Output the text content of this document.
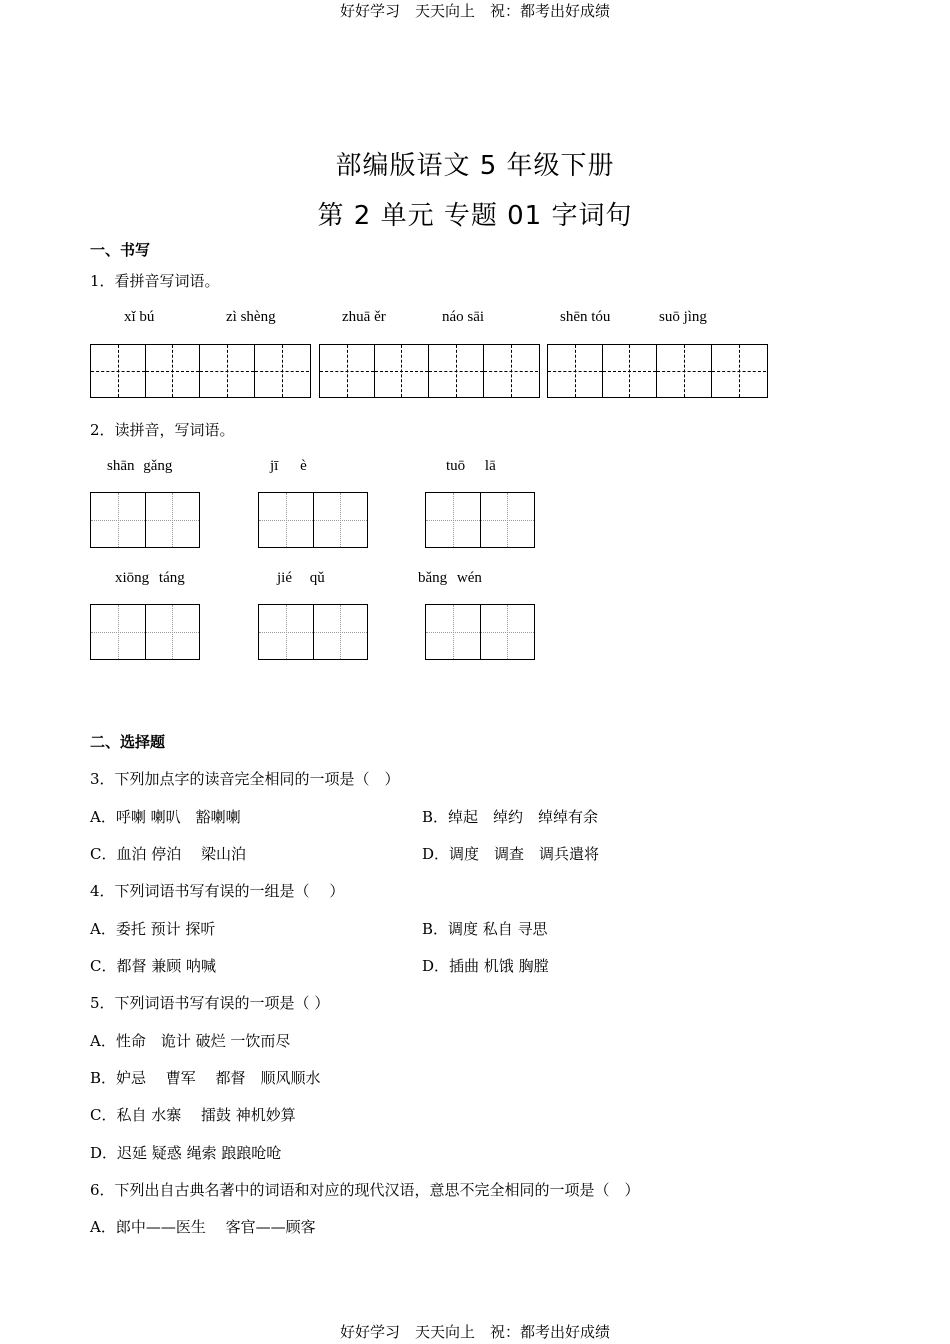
好好学习　天天向上　祝：都考出好成绩
部编版语文 5 年级下册
第 2 单元 专题 01 字词句
一、书写
1．看拼音写词语。
xǐ bú	zì shèng	zhuā ěr	náo sāi	shēn tóu	suō jìng
2．读拼音，写词语。
shān gǎng	jī è	tuō lā
xiōng táng	jié qǔ	bǎng wén
二、选择题
3．下列加点字的读音完全相同的一项是（　）
A．呼喇 喇叭　豁喇喇	B．绰起　绰约　绰绰有余
C．血泊 停泊　 梁山泊	D．调度　调查　调兵遣将
4．下列词语书写有误的一组是（　 ）
A．委托 预计 探听	B．调度 私自 寻思
C．都督 兼顾 呐喊	D．插曲 机饿 胸膛
5．下列词语书写有误的一项是（ ）
A．性命　诡计 破烂 一饮而尽
B．妒忌　 曹军　 都督　顺风顺水
C．私自 水寨　 擂鼓 神机妙算
D．迟延 疑惑 绳索 踉踉呛呛
6．下列出自古典名著中的词语和对应的现代汉语，意思不完全相同的一项是（　）
A．郎中——医生　 客官——顾客
好好学习　天天向上　祝：都考出好成绩
